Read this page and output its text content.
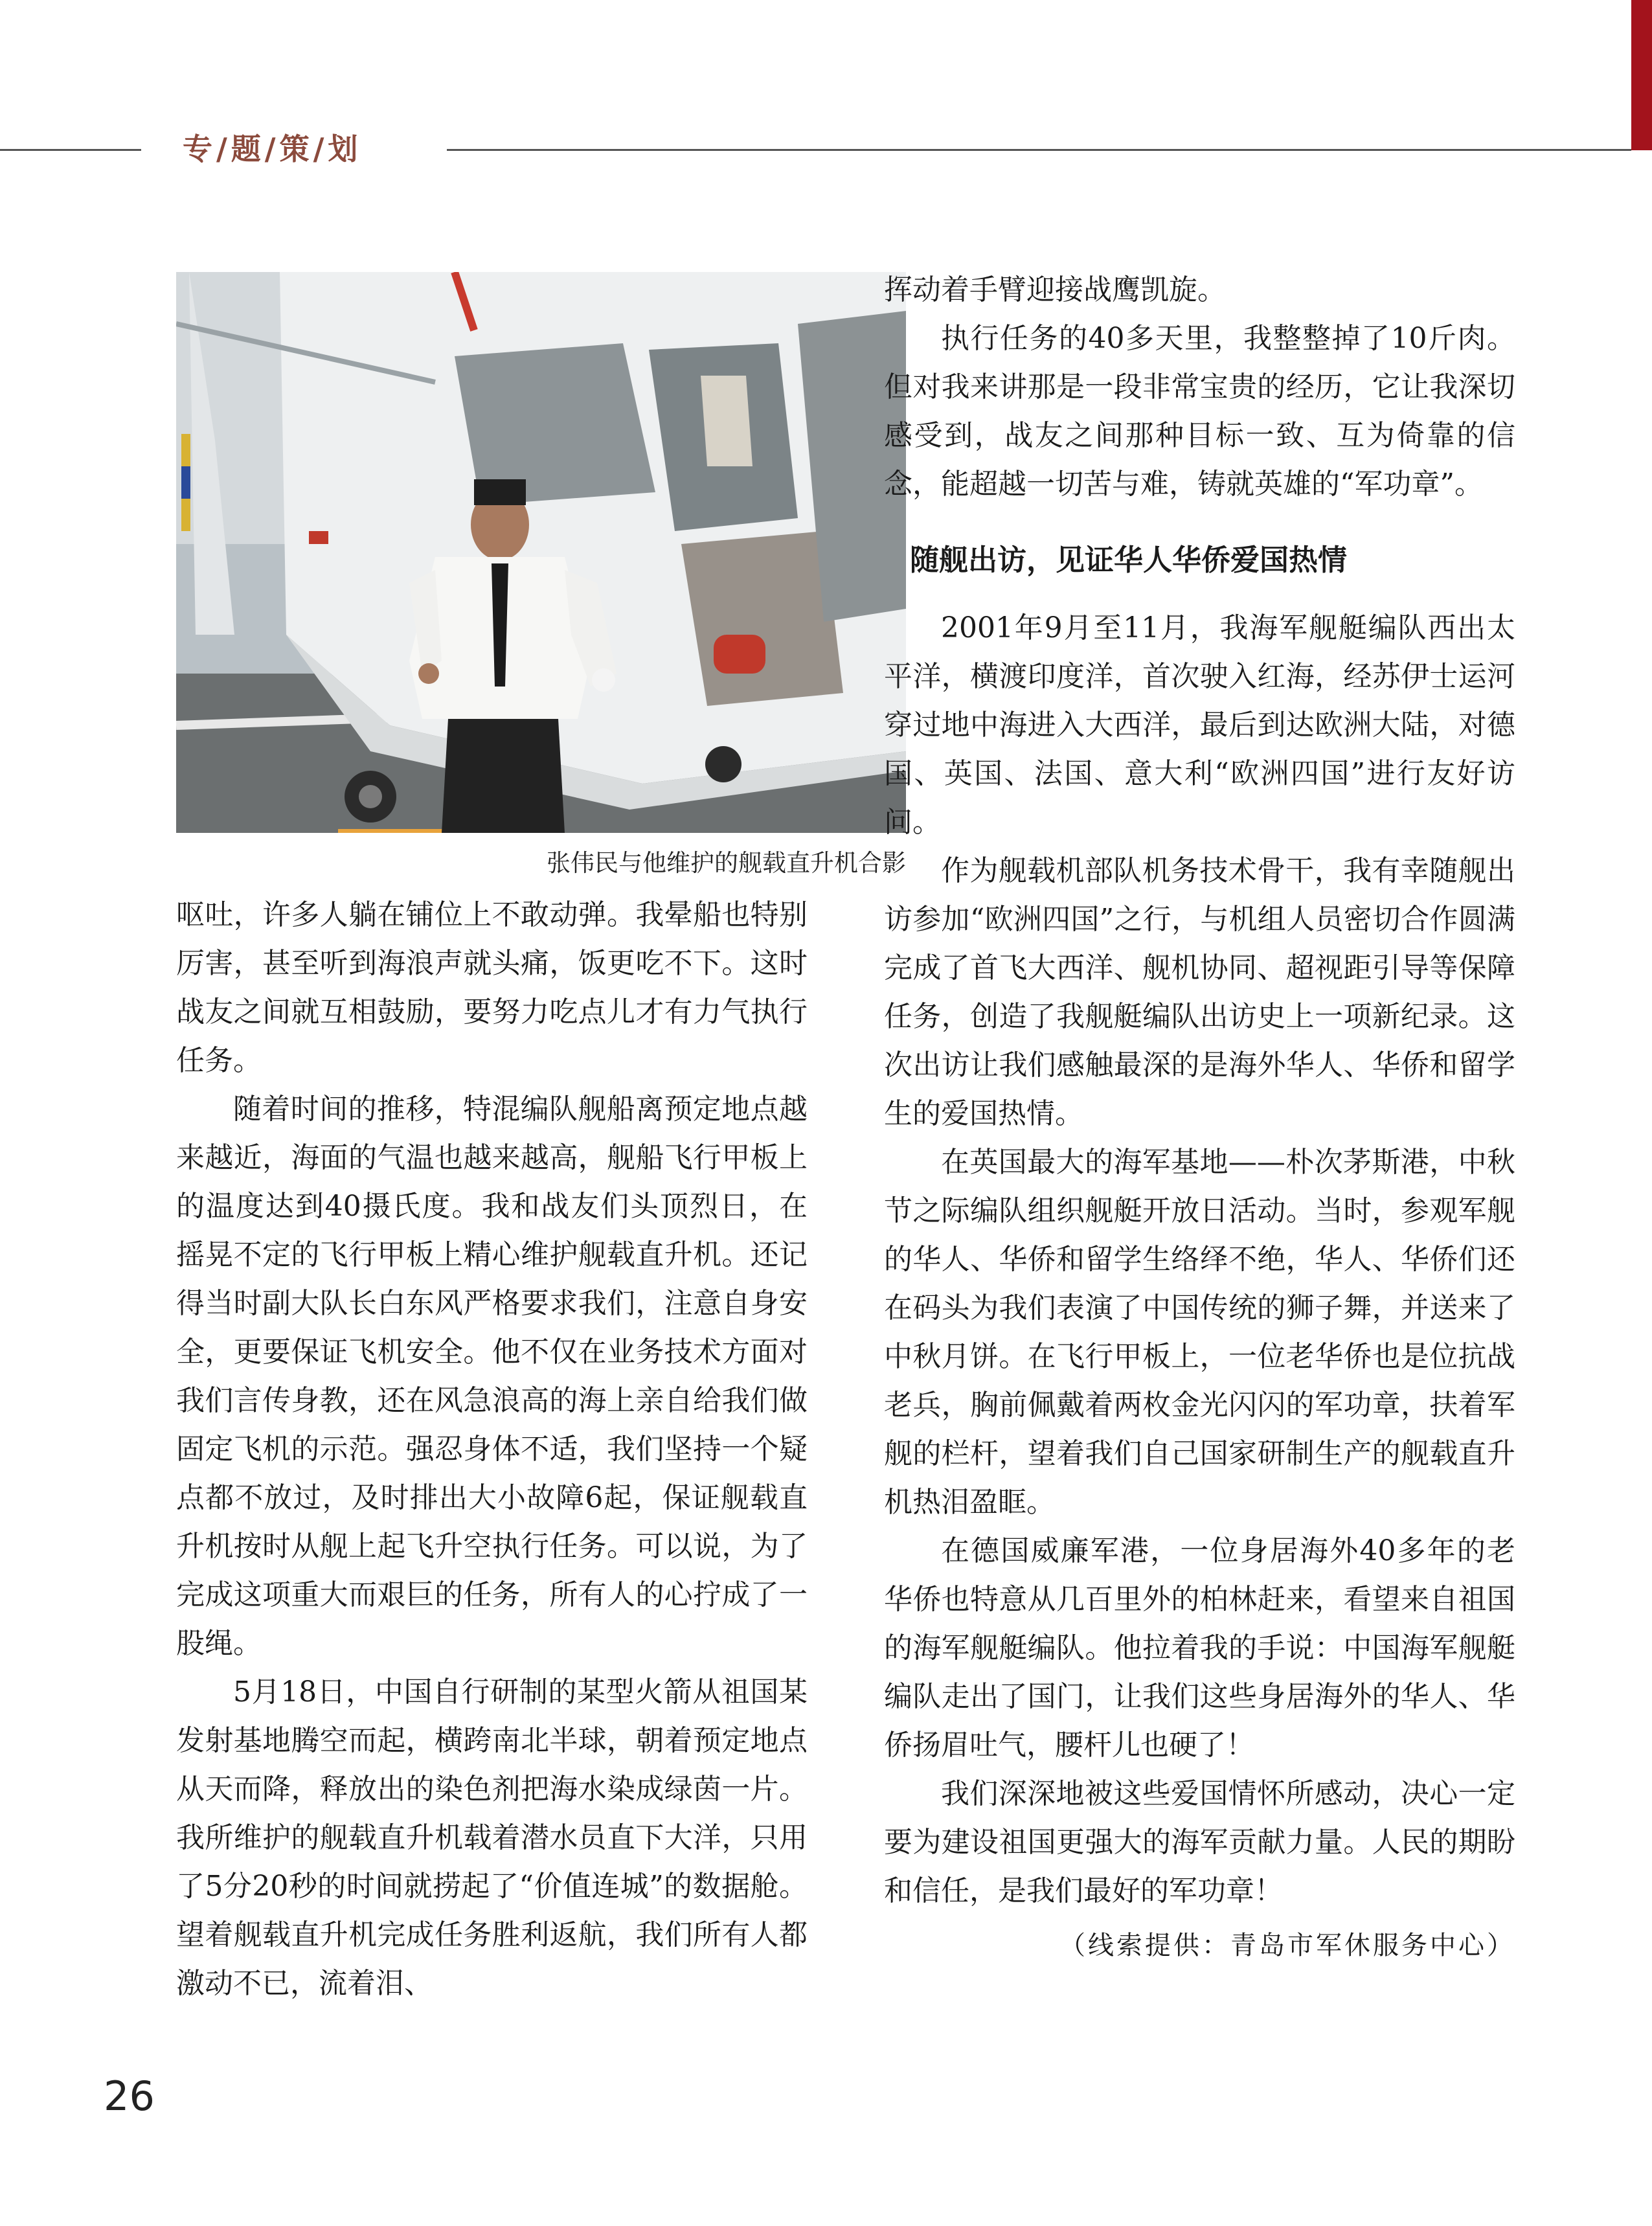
专/题/策/划
张伟民与他维护的舰载直升机合影

呕吐，许多人躺在铺位上不敢动弹。我晕船也特别厉害，甚至听到海浪声就头痛，饭更吃不下。这时战友之间就互相鼓励，要努力吃点儿才有力气执行任务。

随着时间的推移，特混编队舰船离预定地点越来越近，海面的气温也越来越高，舰船飞行甲板上的温度达到40摄氏度。我和战友们头顶烈日，在摇晃不定的飞行甲板上精心维护舰载直升机。还记得当时副大队长白东风严格要求我们，注意自身安全，更要保证飞机安全。他不仅在业务技术方面对我们言传身教，还在风急浪高的海上亲自给我们做固定飞机的示范。强忍身体不适，我们坚持一个疑点都不放过，及时排出大小故障6起，保证舰载直升机按时从舰上起飞升空执行任务。可以说，为了完成这项重大而艰巨的任务，所有人的心拧成了一股绳。

5月18日，中国自行研制的某型火箭从祖国某发射基地腾空而起，横跨南北半球，朝着预定地点从天而降，释放出的染色剂把海水染成绿茵一片。我所维护的舰载直升机载着潜水员直下大洋，只用了5分20秒的时间就捞起了“价值连城”的数据舱。望着舰载直升机完成任务胜利返航，我们所有人都激动不已，流着泪、

挥动着手臂迎接战鹰凯旋。

执行任务的40多天里，我整整掉了10斤肉。但对我来讲那是一段非常宝贵的经历，它让我深切感受到，战友之间那种目标一致、互为倚靠的信念，能超越一切苦与难，铸就英雄的“军功章”。

随舰出访，见证华人华侨爱国热情

2001年9月至11月，我海军舰艇编队西出太平洋，横渡印度洋，首次驶入红海，经苏伊士运河穿过地中海进入大西洋，最后到达欧洲大陆，对德国、英国、法国、意大利“欧洲四国”进行友好访问。

作为舰载机部队机务技术骨干，我有幸随舰出访参加“欧洲四国”之行，与机组人员密切合作圆满完成了首飞大西洋、舰机协同、超视距引导等保障任务，创造了我舰艇编队出访史上一项新纪录。这次出访让我们感触最深的是海外华人、华侨和留学生的爱国热情。

在英国最大的海军基地——朴次茅斯港，中秋节之际编队组织舰艇开放日活动。当时，参观军舰的华人、华侨和留学生络绎不绝，华人、华侨们还在码头为我们表演了中国传统的狮子舞，并送来了中秋月饼。在飞行甲板上，一位老华侨也是位抗战老兵，胸前佩戴着两枚金光闪闪的军功章，扶着军舰的栏杆，望着我们自己国家研制生产的舰载直升机热泪盈眶。

在德国威廉军港，一位身居海外40多年的老华侨也特意从几百里外的柏林赶来，看望来自祖国的海军舰艇编队。他拉着我的手说：中国海军舰艇编队走出了国门，让我们这些身居海外的华人、华侨扬眉吐气，腰杆儿也硬了！

我们深深地被这些爱国情怀所感动，决心一定要为建设祖国更强大的海军贡献力量。人民的期盼和信任，是我们最好的军功章！

（线索提供：青岛市军休服务中心）

26
